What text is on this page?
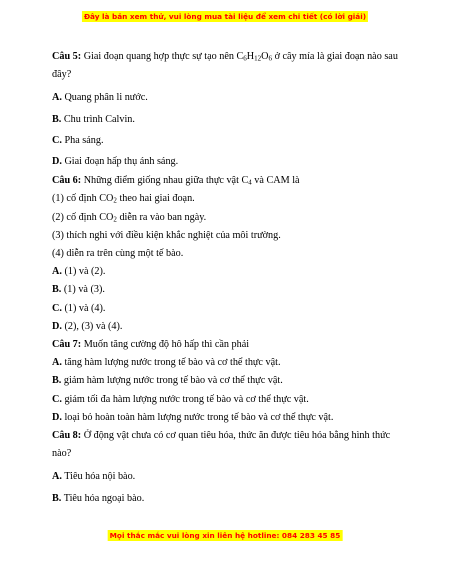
Đây là bản xem thử, vui lòng mua tài liệu để xem chi tiết (có lời giải)
Câu 5: Giai đoạn quang hợp thực sự tạo nên $C_6H_{12}O_6$ ở cây mía là giai đoạn nào sau đây?
A. Quang phân li nước.
B. Chu trình Calvin.
C. Pha sáng.
D. Giai đoạn hấp thụ ánh sáng.
Câu 6: Những điểm giống nhau giữa thực vật $C_4$ và CAM là
(1) cố định $CO_2$ theo hai giai đoạn.
(2) cố định $CO_2$ diễn ra vào ban ngày.
(3) thích nghi với điều kiện khắc nghiệt của môi trường.
(4) diễn ra trên cùng một tế bào.
A. (1) và (2).
B. (1) và (3).
C. (1) và (4).
D. (2), (3) và (4).
Câu 7: Muốn tăng cường độ hô hấp thì cần phải
A. tăng hàm lượng nước trong tế bào và cơ thể thực vật.
B. giảm hàm lượng nước trong tế bào và cơ thể thực vật.
C. giảm tối đa hàm lượng nước trong tế bào và cơ thể thực vật.
D. loại bỏ hoàn toàn hàm lượng nước trong tế bào và cơ thể thực vật.
Câu 8: Ở động vật chưa có cơ quan tiêu hóa, thức ăn được tiêu hóa bằng hình thức nào?
A. Tiêu hóa nội bào.
B. Tiêu hóa ngoại bào.
Mọi thắc mắc vui lòng xin liên hệ hotline: 084 283 45 85
